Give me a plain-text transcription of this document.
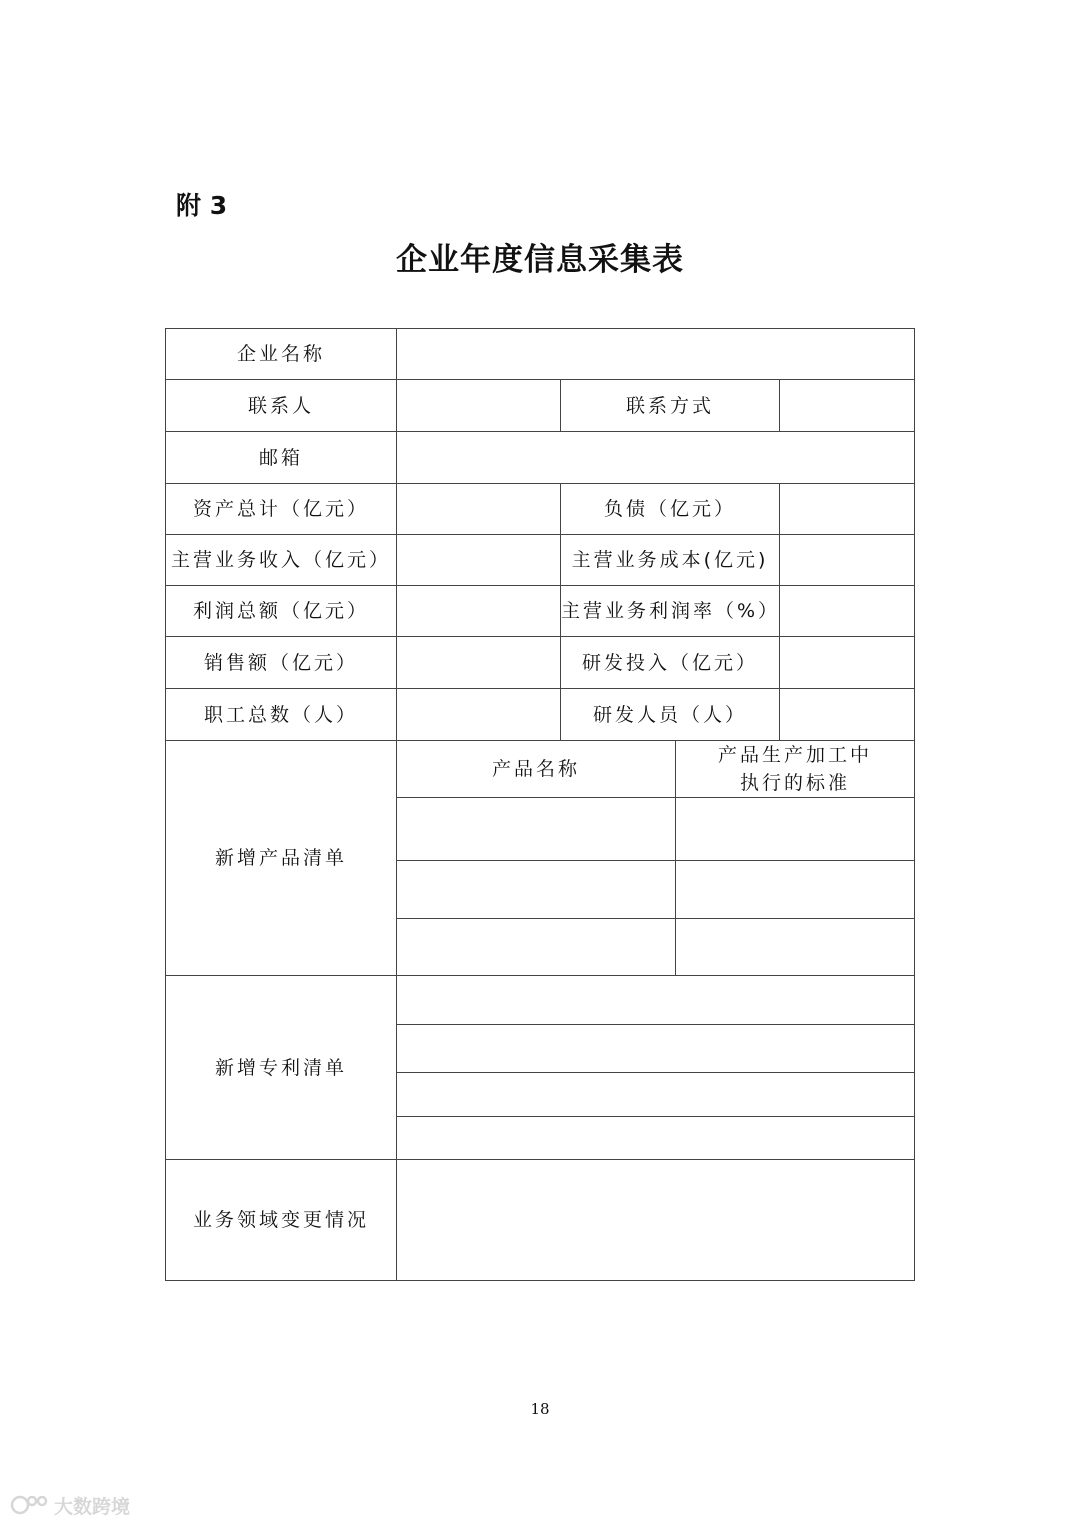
附 3
企业年度信息采集表
企业名称				
联系人		联系方式		
邮箱				
资产总计（亿元）		负债（亿元）		
主营业务收入（亿元）		主营业务成本(亿元)		
利润总额（亿元）		主营业务利润率（%）		
销售额（亿元）		研发投入（亿元）		
职工总数（人）		研发人员（人）		
新增产品清单	产品名称		产品生产加工中
执行的标准	

新增专利清单				

业务领域变更情况				
18
大数跨境
